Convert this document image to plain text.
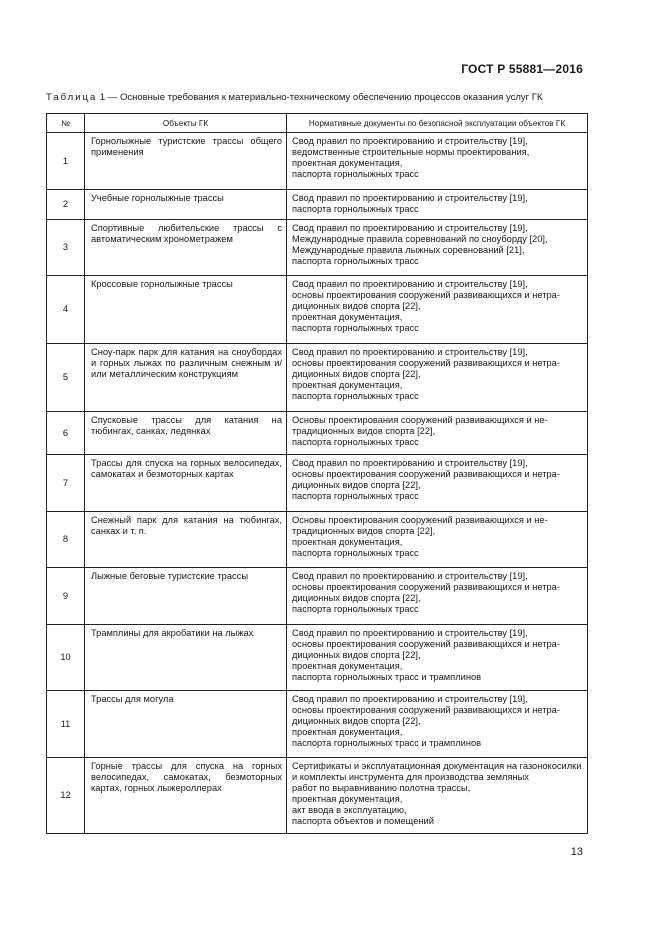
ГОСТ Р 55881—2016
Таблица 1 — Основные требования к материально-техническому обеспечению процессов оказания услуг ГК
№	Объекты ГК	Нормативные документы по безопасной эксплуатации объектов ГК
1	Горнолыжные туристские трассы общего применения	Свод правил по проектированию и строительству [19],
ведомственные строительные нормы проектирования,
проектная документация,
паспорта горнолыжных трасс

2	Учебные горнолыжные трассы	Свод правил по проектированию и строительству [19],
паспорта горнолыжных трасс

3	Спортивные любительские трассы с автоматическим хронометражем	Свод правил по проектированию и строительству [19],
Международные правила соревнований по сноуборду [20],
Международные правила лыжных соревнований [21],
паспорта горнолыжных трасс

4	Кроссовые горнолыжные трассы	Свод правил по проектированию и строительству [19],
основы проектирования сооружений развивающихся и нетра-
диционных видов спорта [22],
проектная документация,
паспорта горнолыжных трасс

5	Сноу-парк парк для катания на сноубордах и горных лыжах по различным снежным и/или металлическим конструкциям	Свод правил по проектированию и строительству [19],
основы проектирования сооружений развивающихся и нетра-
диционных видов спорта [22],
проектная документация,
паспорта горнолыжных трасс

6	Спусковые трассы для катания на тюбингах, санках, ледянках	Основы проектирования сооружений развивающихся и не-
традиционных видов спорта [22],
паспорта горнолыжных трасс

7	Трассы для спуска на горных велосипедах, самокатах и безмоторных картах	Свод правил по проектированию и строительству [19],
основы проектирования сооружений развивающихся и нетра-
диционных видов спорта [22],
паспорта горнолыжных трасс

8	Снежный парк для катания на тюбингах, санках и т. п.	Основы проектирования сооружений развивающихся и не-
традиционных видов спорта [22],
проектная документация,
паспорта горнолыжных трасс

9	Лыжные беговые туристские трассы	Свод правил по проектированию и строительству [19],
основы проектирования сооружений развивающихся и нетра-
диционных видов спорта [22],
паспорта горнолыжных трасс

10	Трамплины для акробатики на лыжах	Свод правил по проектированию и строительству [19],
основы проектирования сооружений развивающихся и нетра-
диционных видов спорта [22],
проектная документация,
паспорта горнолыжных трасс и трамплинов

11	Трассы для могула	Свод правил по проектированию и строительству [19],
основы проектирования сооружений развивающихся и нетра-
диционных видов спорта [22],
проектная документация,
паспорта горнолыжных трасс и трамплинов

12	Горные трассы для спуска на горных велосипедах, самокатах, безмоторных картах, горных лыжероллерах	Сертификаты и эксплуатационная документация на газонокосилки и комплекты инструмента для производства земляных
работ по выравниванию полотна трассы,
проектная документация,
акт ввода в эксплуатацию,
паспорта объектов и помещений
13
